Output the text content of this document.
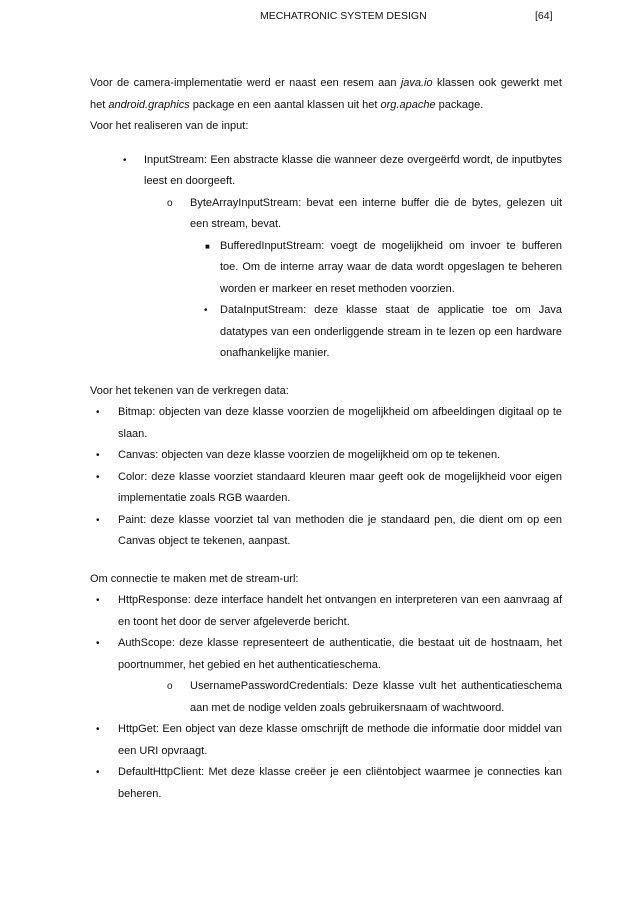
MECHATRONIC SYSTEM DESIGN	[64]

Voor de camera-implementatie werd er naast een resem aan java.io klassen ook gewerkt met het android.graphics package en een aantal klassen uit het org.apache package.

Voor het realiseren van de input:

• InputStream: Een abstracte klasse die wanneer deze overgeërfd wordt, de inputbytes leest en doorgeeft.
o ByteArrayInputStream: bevat een interne buffer die de bytes, gelezen uit een stream, bevat.
■ BufferedInputStream: voegt de mogelijkheid om invoer te bufferen toe. Om de interne array waar de data wordt opgeslagen te beheren worden er markeer en reset methoden voorzien.
• DataInputStream: deze klasse staat de applicatie toe om Java datatypes van een onderliggende stream in te lezen op een hardware onafhankelijke manier.

Voor het tekenen van de verkregen data:

• Bitmap: objecten van deze klasse voorzien de mogelijkheid om afbeeldingen digitaal op te slaan.
• Canvas: objecten van deze klasse voorzien de mogelijkheid om op te tekenen.
• Color: deze klasse voorziet standaard kleuren maar geeft ook de mogelijkheid voor eigen implementatie zoals RGB waarden.
• Paint: deze klasse voorziet tal van methoden die je standaard pen, die dient om op een Canvas object te tekenen, aanpast.

Om connectie te maken met de stream-url:

• HttpResponse: deze interface handelt het ontvangen en interpreteren van een aanvraag af en toont het door de server afgeleverde bericht.
• AuthScope: deze klasse representeert de authenticatie, die bestaat uit de hostnaam, het poortnummer, het gebied en het authenticatieschema.
o UsernamePasswordCredentials: Deze klasse vult het authenticatieschema aan met de nodige velden zoals gebruikersnaam of wachtwoord.
• HttpGet: Een object van deze klasse omschrijft de methode die informatie door middel van een URI opvraagt.
• DefaultHttpClient: Met deze klasse creëer je een cliëntobject waarmee je connecties kan beheren.
